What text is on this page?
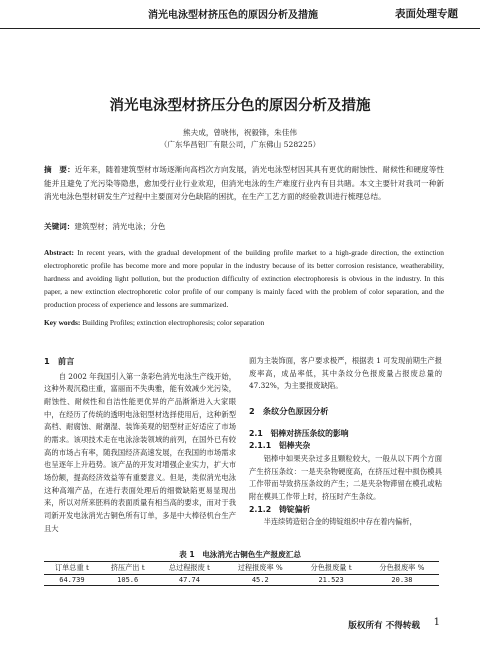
消光电泳型材挤压色的原因分析及措施	表面处理专题
消光电泳型材挤压分色的原因分析及措施
熊夫成，曾晓伟，祝毅锋，朱佳伟
（广东华昌铝厂有限公司，广东佛山 528225）
摘　要：近年来，随着建筑型材市场逐渐向高档次方向发展，消光电泳型材因其具有更优的耐蚀性、耐候性和硬度等性能并且避免了光污染等隐患，愈加受行业行业欢迎，但消光电泳的生产难度行业内有目共睹。本文主要针对我司一种新消光电泳色型材研发生产过程中主要面对分色缺陷的困扰，在生产工艺方面的经验教训进行梳理总结。
关键词：建筑型材；消光电泳；分色
Abstract: In recent years, with the gradual development of the building profile market to a high-grade direction, the extinction electrophoretic profile has become more and more popular in the industry because of its better corrosion resistance, weatherability, hardness and avoiding light pollution, but the production difficulty of extinction electrophoresis is obvious in the industry. In this paper, a new extinction electrophoretic color profile of our company is mainly faced with the problem of color separation, and the production process of experience and lessons are summarized.
Key words: Building Profiles; extinction electrophoresis; color separation
1　前言
自 2002 年我国引入第一条彩色消光电泳生产线开始，这种外观沉稳庄重，富丽而不失典雅，能有效减少光污染，耐蚀性、耐候性和自洁性能更优异的产品渐渐进入大家眼中，在经历了传统的透明电泳铝型材选择使用后，这种新型高档、耐腐蚀、耐潮湿、装饰美观的铝型材正好适应了市场的需求。该项技术走在电泳涂装领域的前列，在国外已有较高的市场占有率，随我国经济高速发展，在我国的市场需求也呈逐年上升趋势。该产品的开发对增强企业实力，扩大市场份额，提高经济效益等有重要意义。但是，类似消光电泳这种高端产品，在进行表面处理后的细微缺陷更易显现出来，所以对所来胚料的表面质量有相当高的要求，而对于我司新开发电泳消光古铜色所有订单，多是中大棒径机台生产且大
面为主装饰面，客户要求极严，根据表 1 可发现前期生产报废率高，成品率低，其中条纹分色报废量占报废总量的 47.32%，为主要报废缺陷。
2　条纹分色原因分析
2.1　铝棒对挤压条纹的影响
2.1.1　铝棒夹杂
铝棒中如果夹杂过多且颗粒较大，一般从以下两个方面产生挤压条纹：一是夹杂物硬度高，在挤压过程中损伤模具工作带而导致挤压条纹的产生；二是夹杂物滞留在模孔或粘附在模具工作带上时，挤压时产生条纹。
2.1.2　铸锭偏析
半连续铸造铝合金的铸锭组织中存在着内偏析，
表 1　电泳消光古铜色生产报废汇总
订单总重 t	挤压产出 t	总过程报废 t	过程报废率 %	分色报废量 t	分色报废率 %
64.739	105.6	47.74	45.2	21.523	20.38
版权所有 不得转载 1
